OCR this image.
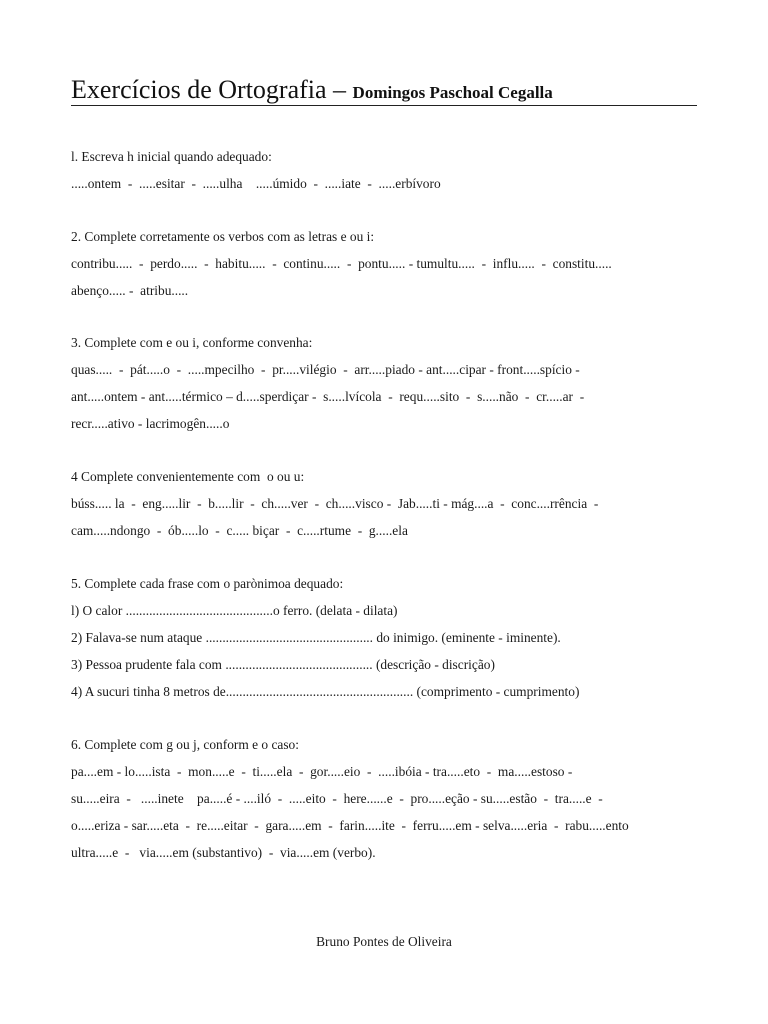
Exercícios de Ortografia – Domingos Paschoal Cegalla
l. Escreva h inicial quando adequado:
.....ontem  -  .....esitar  -  .....ulha    .....úmido  -  .....iate  -  .....erbívoro
2. Complete corretamente os verbos com as letras e ou i:
contribu.....  -  perdo.....  -  habitu.....  -  continu.....  -  pontu..... - tumultu.....  -  influ.....  -  constitu.....
abenço..... -  atribu.....
3. Complete com e ou i, conforme convenha:
quas.....  -  pát.....o  -  .....mpecilho  -  pr.....vilégio  -  arr.....piado - ant.....cipar - front.....spício -
ant.....ontem - ant.....térmico – d.....sperdiçar -  s.....lvícola  -  requ.....sito  -  s.....não  -  cr.....ar  -
recr.....ativo - lacrimogên.....o
4 Complete convenientemente com  o ou u:
búss..... la  -  eng.....lir  -  b.....lir  -  ch.....ver  -  ch.....visco -  Jab.....ti - mág....a  -  conc....rrência  -
cam.....ndongo  -  ób.....lo  -  c..... biçar  -  c.....rtume  -  g.....ela
5. Complete cada frase com o parònimoa dequado:
l) O calor ............................................o ferro. (delata - dilata)
2) Falava-se num ataque .................................................. do inimigo. (eminente - iminente).
3) Pessoa prudente fala com ............................................ (descrição - discrição)
4) A sucuri tinha 8 metros de........................................................ (comprimento - cumprimento)
6. Complete com g ou j, conform e o caso:
pa....em - lo.....ista  -  mon.....e  -  ti.....ela  -  gor.....eio  -  .....ibóia - tra.....eto  -  ma.....estoso -
su.....eira  -   .....inete    pa.....é - ....iló  -  .....eito  -  here......e  -  pro.....eção - su.....estão  -  tra.....e  -
o.....eriza - sar.....eta  -  re.....eitar  -  gara.....em  -  farin.....ite  -  ferru.....em - selva.....eria  -  rabu.....ento
ultra.....e  -   via.....em (substantivo)  -  via.....em (verbo).
Bruno Pontes de Oliveira
